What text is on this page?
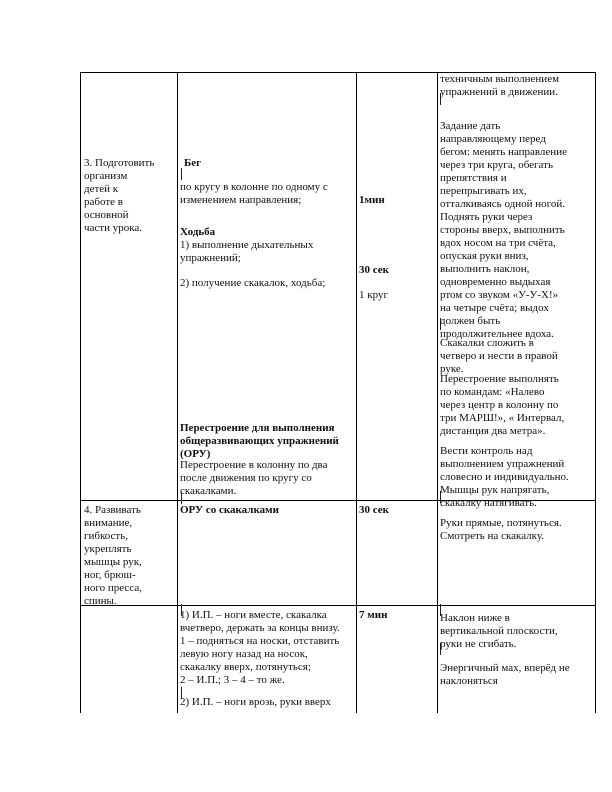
3. Подготовить
организм
детей к
работе в
основной
части урока.
Бег
по кругу в колонне по одному с
изменением направления;
Ходьба
1) выполнение дыхательных
упражнений;
2) получение скакалок, ходьба;
Перестроение для выполнения
общеразвивающих упражнений
(ОРУ)
Перестроение в колонну по два
после движения по кругу со
скакалками.
1мин
30 сек
1 круг
техничным выполнением
упражнений в движении.
Задание дать
направляющему перед
бегом: менять направление
через три круга, обегать
препятствия и
перепрыгивать их,
отталкиваясь одной ногой.
Поднять руки через
стороны вверх, выполнить
вдох носом на три счёта,
опуская руки вниз,
выполнить наклон,
одновременно выдыхая
ртом со звуком «У-У-Х!»
на четыре счёта; выдох
должен быть
продолжительнее вдоха.
Скакалки сложить в
четверо и нести в правой
руке.
Перестроение выполнять
по командам: «Налево
через центр в колонну по
три МАРШ!», « Интервал,
дистанция два метра».
Вести контроль над
выполнением упражнений
словесно и индивидуально.
Мышцы рук напрягать,
скакалку натягивать.
Руки прямые, потянуться.
Смотреть на скакалку.
4. Развивать
внимание,
гибкость,
укреплять
мышцы рук,
ног, брюш-
ного пресса,
спины.
ОРУ со скакалками	30 сек
1) И.П. – ноги вместе, скакалка
вчетверо, держать за концы внизу.
1 – подняться на носки, отставить
левую ногу назад на носок,
скакалку вверх, потянуться;
2 – И.П.; 3 – 4 – то же.
2) И.П. – ноги врозь, руки вверх
7 мин	Наклон ниже в
вертикальной плоскости,
руки не сгибать.
Энергичный мах, вперёд не
наклоняться
